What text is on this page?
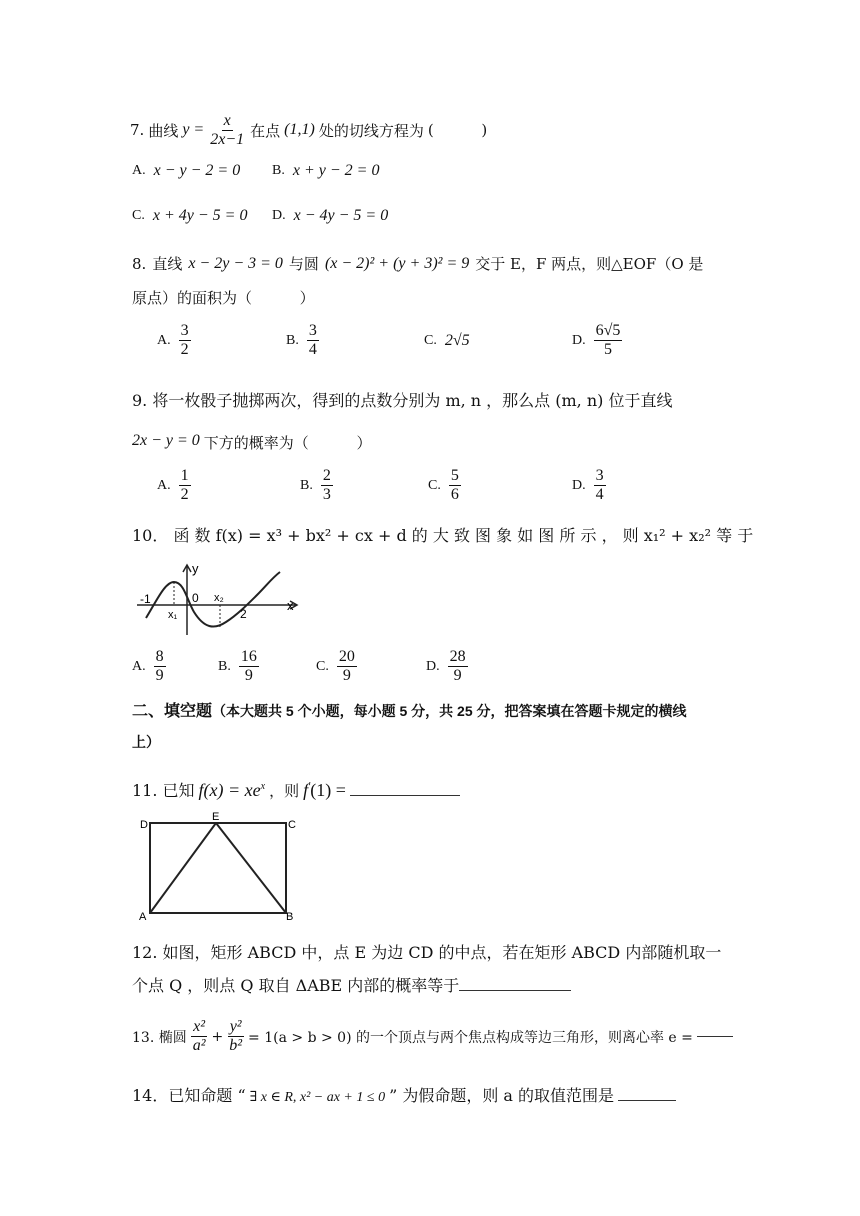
7. 曲线 $y = \frac{x}{2x-1}$ 在点 (1,1) 处的切线方程为 (          )
A. x − y − 2 = 0 B. x + y − 2 = 0
C. x + 4y − 5 = 0 D. x − 4y − 5 = 0
8. 直线 x − 2y − 3 = 0 与圆 (x − 2)² + (y + 3)² = 9 交于 E，F 两点，则△EOF（O 是
原点）的面积为（          ）
A. $\frac{3}{2}$	B. $\frac{3}{4}$	C. 2√5	D. $\frac{6√5}{5}$
9. 将一枚骰子抛掷两次，得到的点数分别为 m, n ，那么点 (m, n) 位于直线
2x − y = 0 下方的概率为（          ）
A. $\frac{1}{2}$	B. $\frac{2}{3}$	C. $\frac{5}{6}$	D. $\frac{3}{4}$
10． 函 数 f(x) = x³ + bx² + cx + d 的 大 致 图 象 如 图 所 示 ， 则 x₁² + x₂² 等 于
y
x
-1	0
x₁
x₂
2
A. $\frac{8}{9}$	B. $\frac{16}{9}$	C. $\frac{20}{9}$	D. $\frac{28}{9}$
二、填空题（本大题共 5 个小题，每小题 5 分，共 25 分，把答案填在答题卡规定的横线
上）
11. 已知 $f(x) = xe^x$ ，则 f'(1) =
D
E
C
A	B
12. 如图，矩形 ABCD 中，点 E 为边 CD 的中点，若在矩形 ABCD 内部随机取一
个点 Q ，则点 Q 取自 ΔABE 内部的概率等于
13. 椭圆 $\frac{\text{x²}}{\text{a²}} + \frac{\text{y²}}{\text{b²}} = 1(a > b > 0)$ 的一个顶点与两个焦点构成等边三角形，则离心率 e =
14．已知命题 “ ∃ x ∈ R, x² − ax + 1 ≤ 0 ” 为假命题，则 a 的取值范围是
